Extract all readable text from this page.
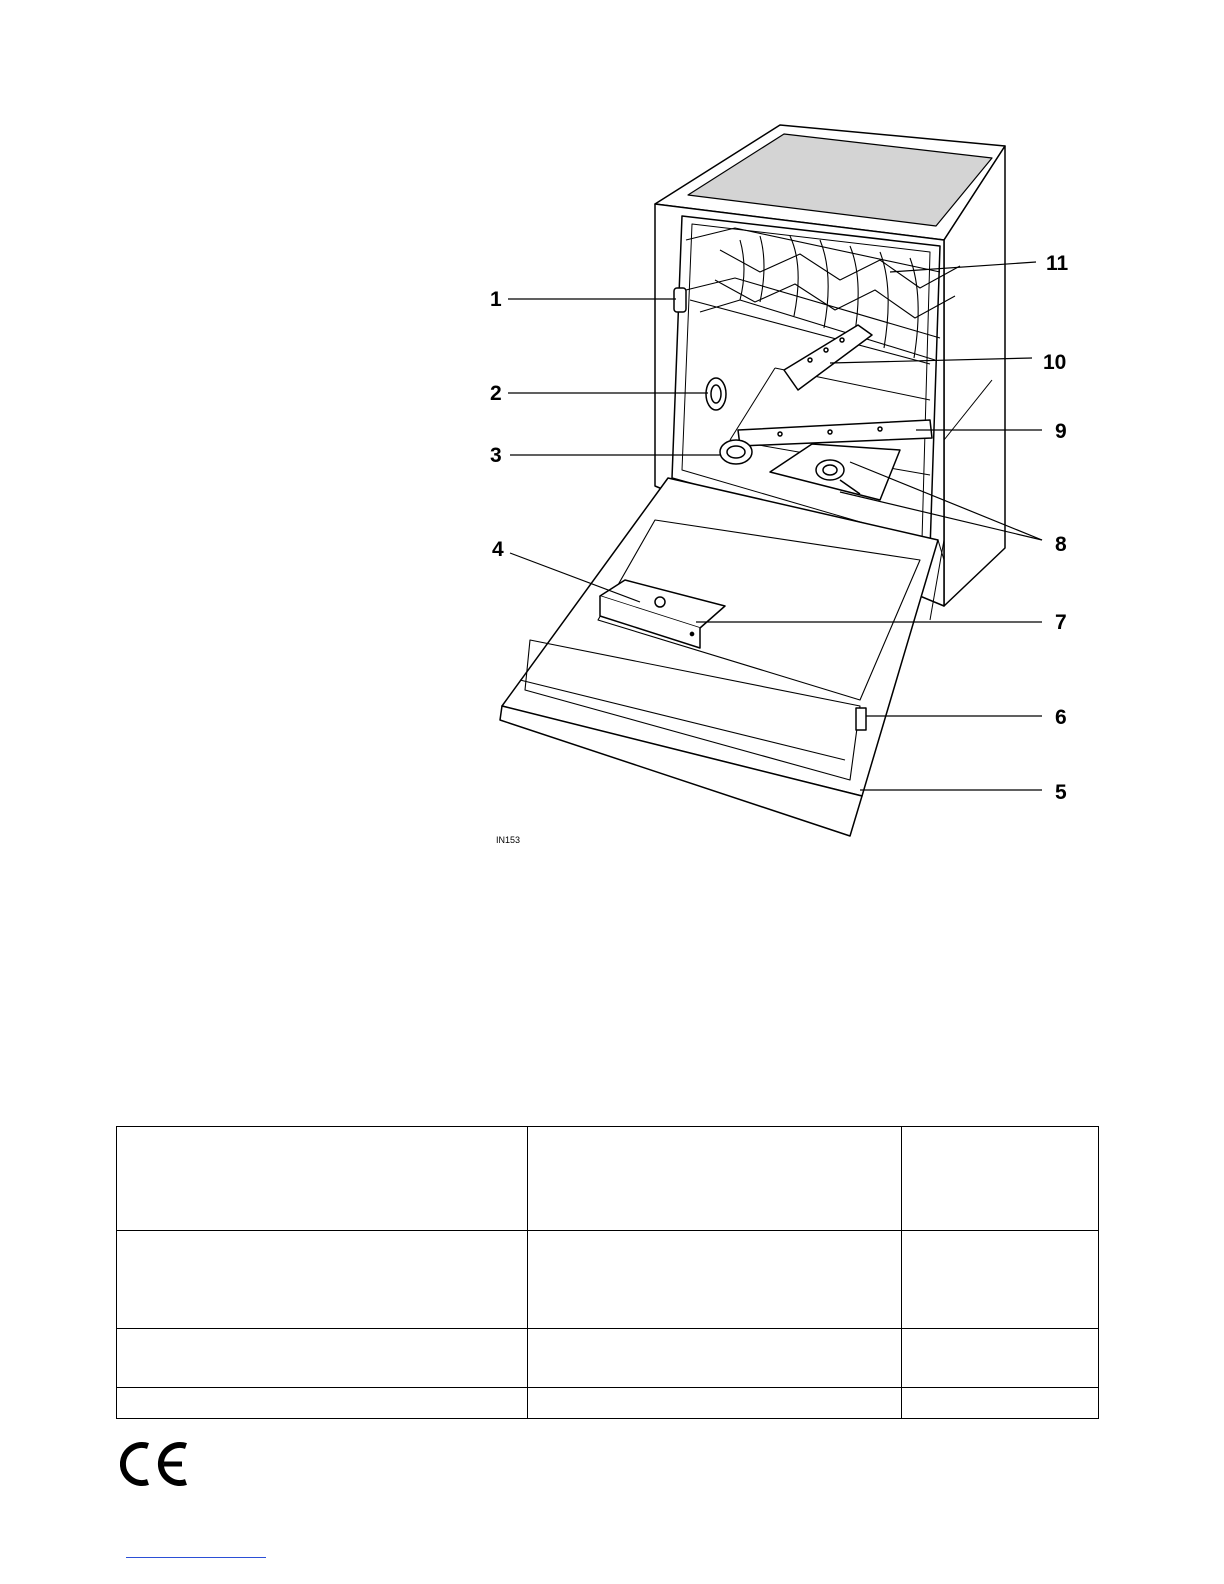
1
2
3
4
5
6
7
8
9
10
11
IN153
